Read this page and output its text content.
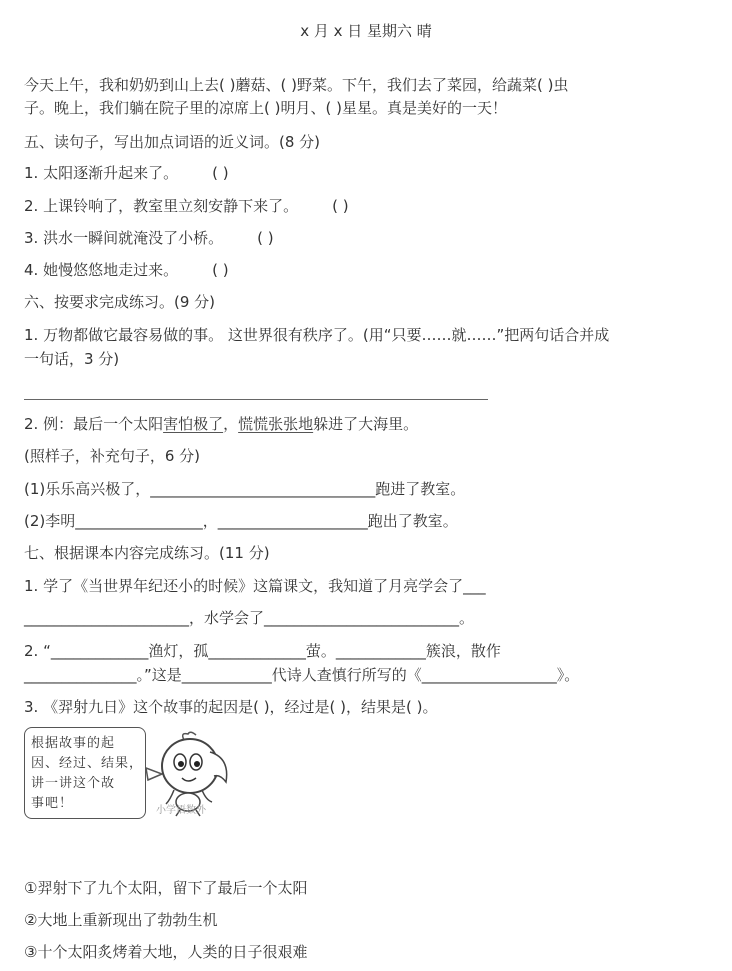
x 月 x 日 星期六 晴
今天上午，我和奶奶到山上去( )蘑菇、( )野菜。下午，我们去了菜园，给蔬菜( )虫
子。晚上，我们躺在院子里的凉席上( )明月、( )星星。真是美好的一天！
五、读句子，写出加点词语的近义词。(8 分)
1. 太阳逐渐升起来了。 ( )
2. 上课铃响了，教室里立刻安静下来了。 ( )
3. 洪水一瞬间就淹没了小桥。 ( )
4. 她慢悠悠地走过来。 ( )
六、按要求完成练习。(9 分)
1. 万物都做它最容易做的事。 这世界很有秩序了。(用“只要……就……”把两句话合并成
一句话，3 分)
2. 例：最后一个太阳害怕极了，慌慌张张地躲进了大海里。
(照样子，补充句子，6 分)
(1)乐乐高兴极了，______________________________跑进了教室。
(2)李明_________________，____________________跑出了教室。
七、根据课本内容完成练习。(11 分)
1. 学了《当世界年纪还小的时候》这篇课文，我知道了月亮学会了___
______________________，水学会了__________________________。
2. “_____________渔灯，孤_____________萤。____________簇浪，散作
_______________。”这是____________代诗人查慎行所写的《__________________》。
3. 《羿射九日》这个故事的起因是( )，经过是( )，结果是( )。
根据故事的起
因、经过、结果，
讲一讲这个故
事吧！	小学语数外
①羿射下了九个太阳，留下了最后一个太阳
②大地上重新现出了勃勃生机
③十个太阳炙烤着大地，人类的日子很艰难
